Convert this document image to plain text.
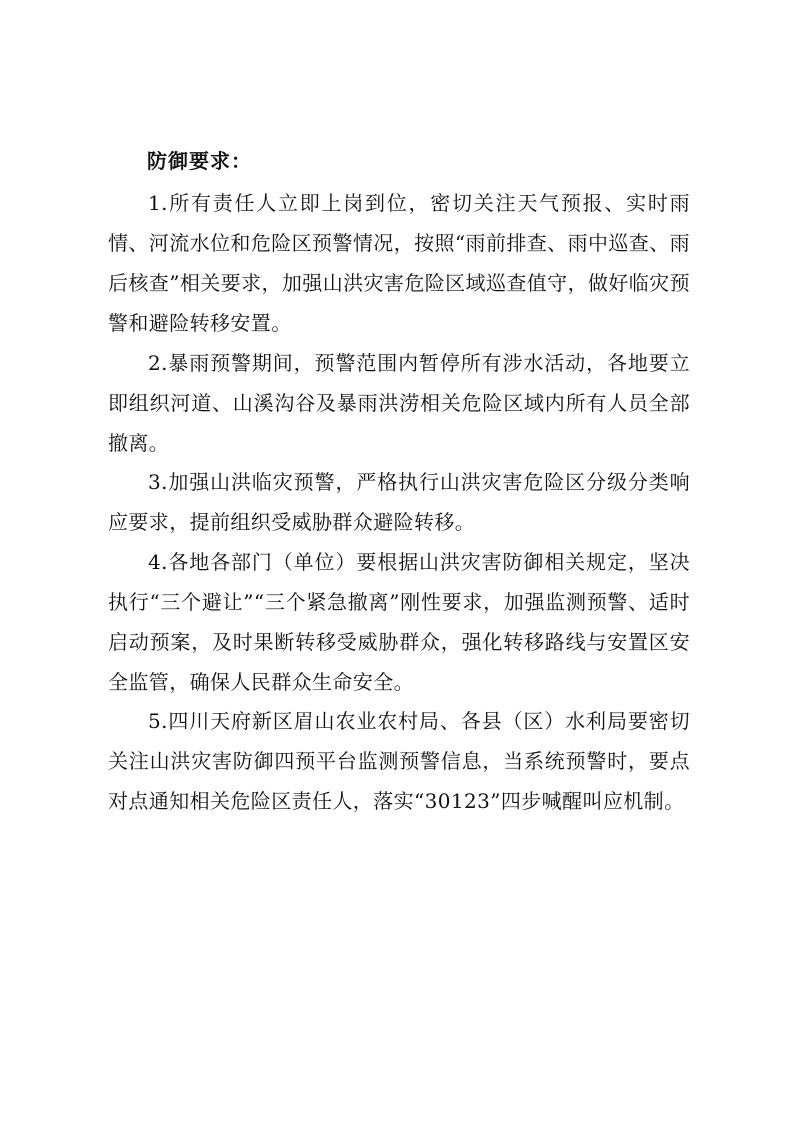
防御要求：

1.所有责任人立即上岗到位，密切关注天气预报、实时雨情、河流水位和危险区预警情况，按照“雨前排查、雨中巡查、雨后核查”相关要求，加强山洪灾害危险区域巡查值守，做好临灾预警和避险转移安置。

2.暴雨预警期间，预警范围内暂停所有涉水活动，各地要立即组织河道、山溪沟谷及暴雨洪涝相关危险区域内所有人员全部撤离。

3.加强山洪临灾预警，严格执行山洪灾害危险区分级分类响应要求，提前组织受威胁群众避险转移。

4.各地各部门（单位）要根据山洪灾害防御相关规定，坚决执行“三个避让”“三个紧急撤离”刚性要求，加强监测预警、适时启动预案，及时果断转移受威胁群众，强化转移路线与安置区安全监管，确保人民群众生命安全。

5.四川天府新区眉山农业农村局、各县（区）水利局要密切关注山洪灾害防御四预平台监测预警信息，当系统预警时，要点对点通知相关危险区责任人，落实“30123”四步喊醒叫应机制。
